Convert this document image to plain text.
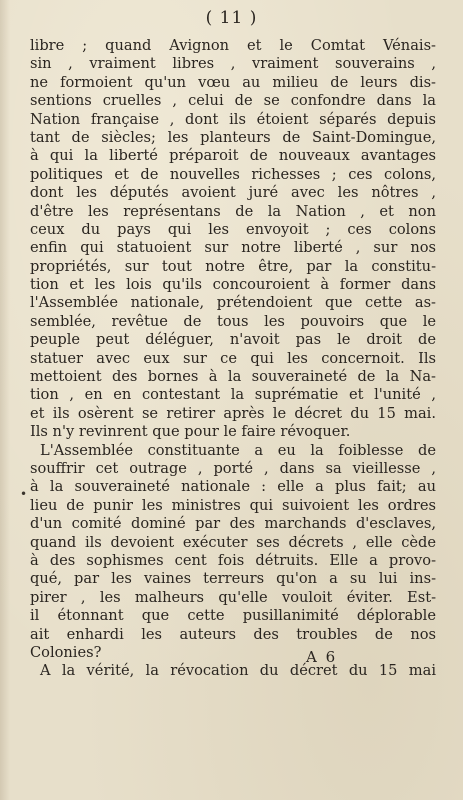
( 11 )
•
libre ; quand Avignon et le Comtat Vénais-
sin , vraiment libres , vraiment souverains ,
ne formoient qu'un vœu au milieu de leurs dis-
sentions cruelles , celui de se confondre dans la
Nation française , dont ils étoient séparés depuis
tant de siècles; les planteurs de Saint-Domingue,
à qui la liberté préparoit de nouveaux avantages
politiques et de nouvelles richesses ; ces colons,
dont les députés avoient juré avec les nôtres ,
d'être les représentans de la Nation , et non
ceux du pays qui les envoyoit ; ces colons
enfin qui statuoient sur notre liberté , sur nos
propriétés, sur tout notre être, par la constitu-
tion et les lois qu'ils concouroient à former dans
l'Assemblée nationale, prétendoient que cette as-
semblée, revêtue de tous les pouvoirs que le
peuple peut déléguer, n'avoit pas le droit de
statuer avec eux sur ce qui les concernoit. Ils
mettoient des bornes à la souveraineté de la Na-
tion , en en contestant la suprématie et l'unité ,
et ils osèrent se retirer après le décret du 15 mai.
Ils n'y revinrent que pour le faire révoquer.
L'Assemblée constituante a eu la foiblesse de
souffrir cet outrage , porté , dans sa vieillesse ,
à la souveraineté nationale : elle a plus fait; au
lieu de punir les ministres qui suivoient les ordres
d'un comité dominé par des marchands d'esclaves,
quand ils devoient exécuter ses décrets , elle cède
à des sophismes cent fois détruits. Elle a provo-
qué, par les vaines terreurs qu'on a su lui ins-
pirer , les malheurs qu'elle vouloit éviter. Est-
il étonnant que cette pusillanimité déplorable
ait enhardi les auteurs des troubles de nos
Colonies?
A la vérité, la révocation du décret du 15 mai
A 6
